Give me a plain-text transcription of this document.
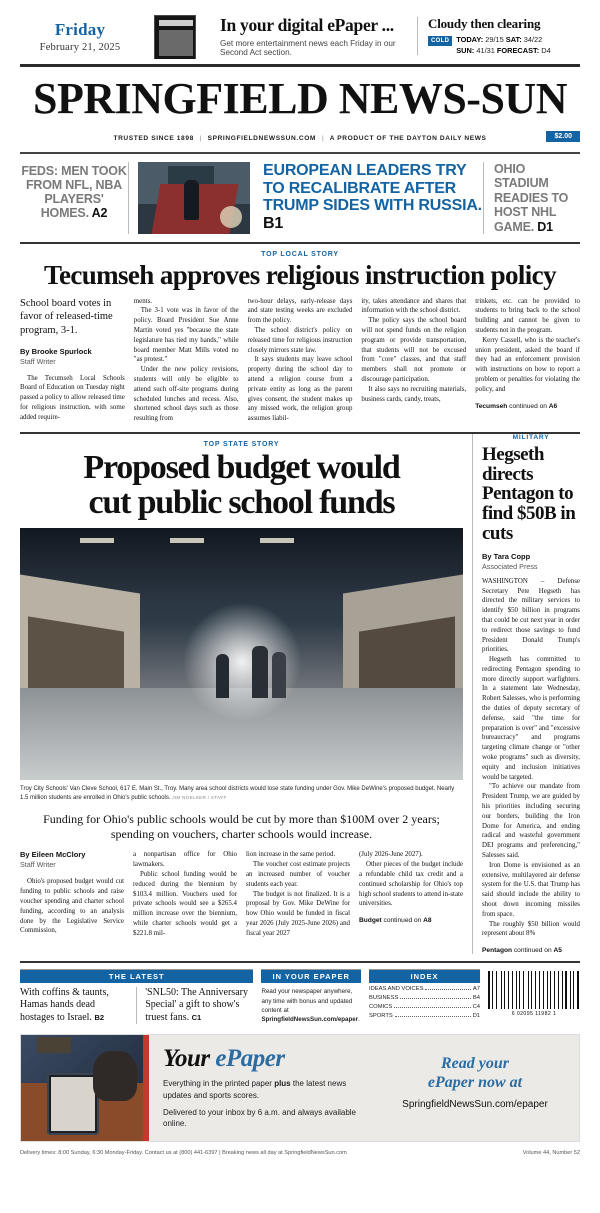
Friday
February 21, 2025
In your digital ePaper ...
Get more entertainment news each Friday in our Second Act section.
Cloudy then clearing
COLD TODAY: 29/15 SAT: 34/22
SUN: 41/31 FORECAST: D4
SPRINGFIELD NEWS-SUN
TRUSTED SINCE 1898 | SPRINGFIELDNEWSSUN.COM | A PRODUCT OF THE DAYTON DAILY NEWS	$2.00
FEDS: MEN TOOK FROM NFL, NBA PLAYERS' HOMES. A2
EUROPEAN LEADERS TRY TO RECALIBRATE AFTER TRUMP SIDES WITH RUSSIA. B1
OHIO STADIUM READIES TO HOST NHL GAME. D1
TOP LOCAL STORY
Tecumseh approves religious instruction policy
School board votes in favor of released-time program, 3-1.
By Brooke Spurlock
Staff Writer

The Tecumseh Local Schools Board of Education on Tuesday night passed a policy to allow released time for religious instruction, with some added require-

ments.

The 3-1 vote was in favor of the policy. Board President Sue Anne Martin voted yes "because the state legislature has tied my hands," while board member Matt Mills voted no "as protest."

Under the new policy revisions, students will only be eligible to attend such off-site programs during scheduled lunches and recess. Also, shortened school days such as those resulting from

two-hour delays, early-release days and state testing weeks are excluded from the policy.

The school district's policy on released time for religious instruction closely mirrors state law.

It says students may leave school property during the school day to attend a religion course from a private entity as long as the parent gives consent, the student makes up any missed work, the religion group assumes liabil-

ity, takes attendance and shares that information with the school district.

The policy says the school board will not spend funds on the religion program or provide transportation, that students will not be excused from "core" classes, and that staff members shall not promote or discourage participation.

It also says no recruiting materials, business cards, candy, treats,

trinkets, etc. can be provided to students to bring back to the school building and cannot be given to students not in the program.

Kerry Cassell, who is the teacher's union president, asked the board if they had an enforcement provision with instructions on how to report a problem or penalties for violating the policy, and

Tecumseh continued on A6
TOP STATE STORY
Proposed budget would
cut public school funds
Troy City Schools' Van Cleve School, 617 E. Main St., Troy. Many area school districts would lose state funding under Gov. Mike DeWine's proposed budget. Nearly 1.5 million students are enrolled in Ohio's public schools. JIM NOELKER / STAFF
Funding for Ohio's public schools would be cut by more than $100M over 2 years; spending on vouchers, charter schools would increase.
By Eileen McClory
Staff Writer

Ohio's proposed budget would cut funding to public schools and raise voucher spending and charter school funding, according to an analysis done by the Legislative Service Commission,

a nonpartisan office for Ohio lawmakers.

Public school funding would be reduced during the biennium by $103.4 million. Vouchers used for private schools would see a $265.4 million increase over the biennium, while charter schools would get a $221.8 mil-

lion increase in the same period.

The voucher cost estimate projects an increased number of voucher students each year.

The budget is not finalized. It is a proposal by Gov. Mike DeWine for how Ohio would be funded in fiscal year 2026 (July 2025-June 2026) and fiscal year 2027

(July 2026-June 2027).

Other pieces of the budget include a refundable child tax credit and a continued scholarship for Ohio's top high school students to attend in-state universities.

Budget continued on A8
MILITARY
Hegseth directs Pentagon to find $50B in cuts
By Tara Copp
Associated Press

WASHINGTON – Defense Secretary Pete Hegseth has directed the military services to identify $50 billion in programs that could be cut next year in order to redirect those savings to fund President Donald Trump's priorities.

Hegseth has committed to redirecting Pentagon spending to more directly support warfighters. In a statement late Wednesday, Robert Salesses, who is performing the duties of deputy secretary of defense, said "the time for preparation is over" and "excessive bureaucracy" and programs targeting climate change or "other woke programs" such as diversity, equity and inclusion initiatives would be targeted.

"To achieve our mandate from President Trump, we are guided by his priorities including securing our borders, building the Iron Dome for America, and ending radical and wasteful government DEI programs and preferencing," Salesses said.

Iron Dome is envisioned as an extensive, multilayered air defense system for the U.S. that Trump has said should include the ability to shoot down incoming missiles from space.

The roughly $50 billion would represent about 8%

Pentagon continued on A5
THE LATEST
With coffins & taunts, Hamas hands dead hostages to Israel. B2
'SNL50: The Anniversary Special' a gift to show's truest fans. C1
IN YOUR EPAPER

Read your newspaper anywhere, any time with bonus and updated content at SpringfieldNewsSun.com/epaper.

INDEX
IDEAS AND VOICES	A7
BUSINESS	B4
COMICS	C4
SPORTS	D1	6 02095 11982 1
Your ePaper

Everything in the printed paper plus the latest news updates and sports scores.

Delivered to your inbox by 6 a.m. and always available online.

Read your
ePaper now at
SpringfieldNewsSun.com/epaper
Delivery times: 8:00 Sunday, 6:30 Monday-Friday. Contact us at (800) 441-6397 | Breaking news all day at SpringfieldNewsSun.com	Volume 44, Number 52
